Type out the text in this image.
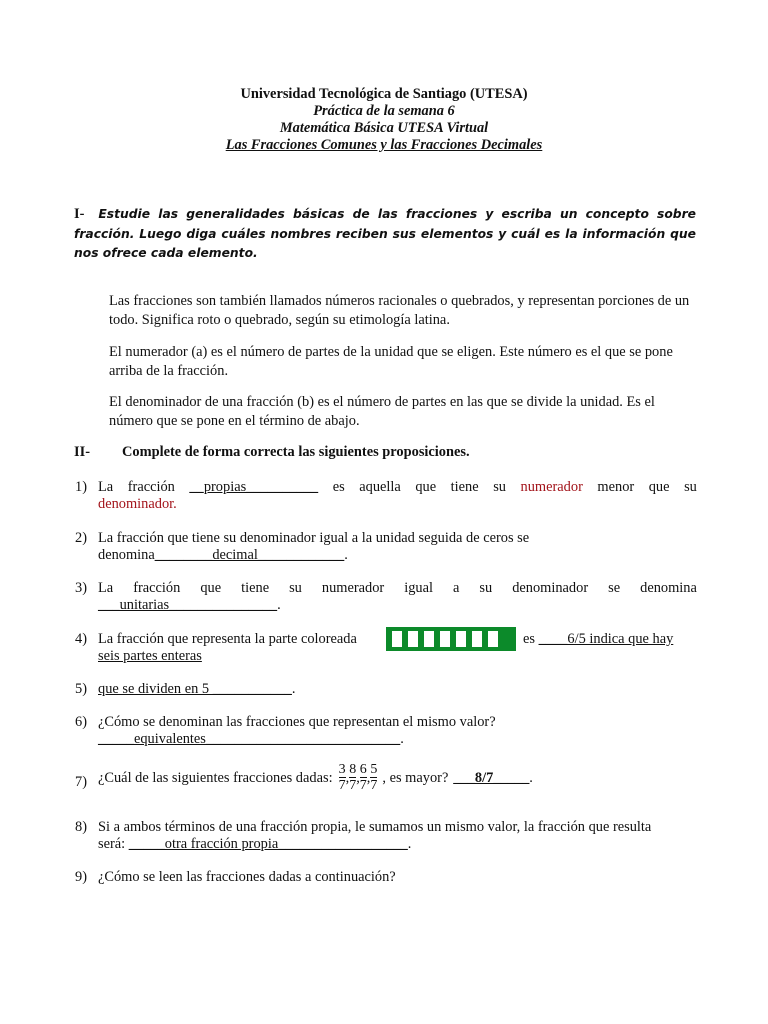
Universidad Tecnológica de Santiago (UTESA)
Práctica de la semana 6
Matemática Básica UTESA Virtual
Las Fracciones Comunes y las Fracciones Decimales
I- Estudie las generalidades básicas de las fracciones y escriba un concepto sobre fracción. Luego diga cuáles nombres reciben sus elementos y cuál es la información que nos ofrece cada elemento.
Las fracciones son también llamados números racionales o quebrados, y representan porciones de un todo. Significa roto o quebrado, según su etimología latina.
El numerador (a) es el número de partes de la unidad que se eligen. Este número es el que se pone arriba de la fracción.
El denominador de una fracción (b) es el número de partes en las que se divide la unidad. Es el número que se pone en el término de abajo.
II- Complete de forma correcta las siguientes proposiciones.
1) La fracción __propias__________ es aquella que tiene su numerador menor que su
denominador.
2) La fracción que tiene su denominador igual a la unidad seguida de ceros se
denomina________decimal____________.
3) La fracción que tiene su numerador igual a su denominador se denomina
___unitarias_______________.
4) La fracción que representa la parte coloreada	es ____6/5 indica que hay
seis partes enteras
5) que se dividen en 5 ___________.
6) ¿Cómo se denominan las fracciones que representan el mismo valor?
_____equivalentes___________________________.
7) ¿Cuál de las siguientes fracciones dadas: $\frac{3}{7}$ , $\frac{8}{7}$ , $\frac{6}{7}$ , $\frac{5}{7}$ , es mayor? ___8/7_____ .
8) Si a ambos términos de una fracción propia, le sumamos un mismo valor, la fracción que resulta
será: _____otra fracción propia__________________.
9) ¿Cómo se leen las fracciones dadas a continuación?
